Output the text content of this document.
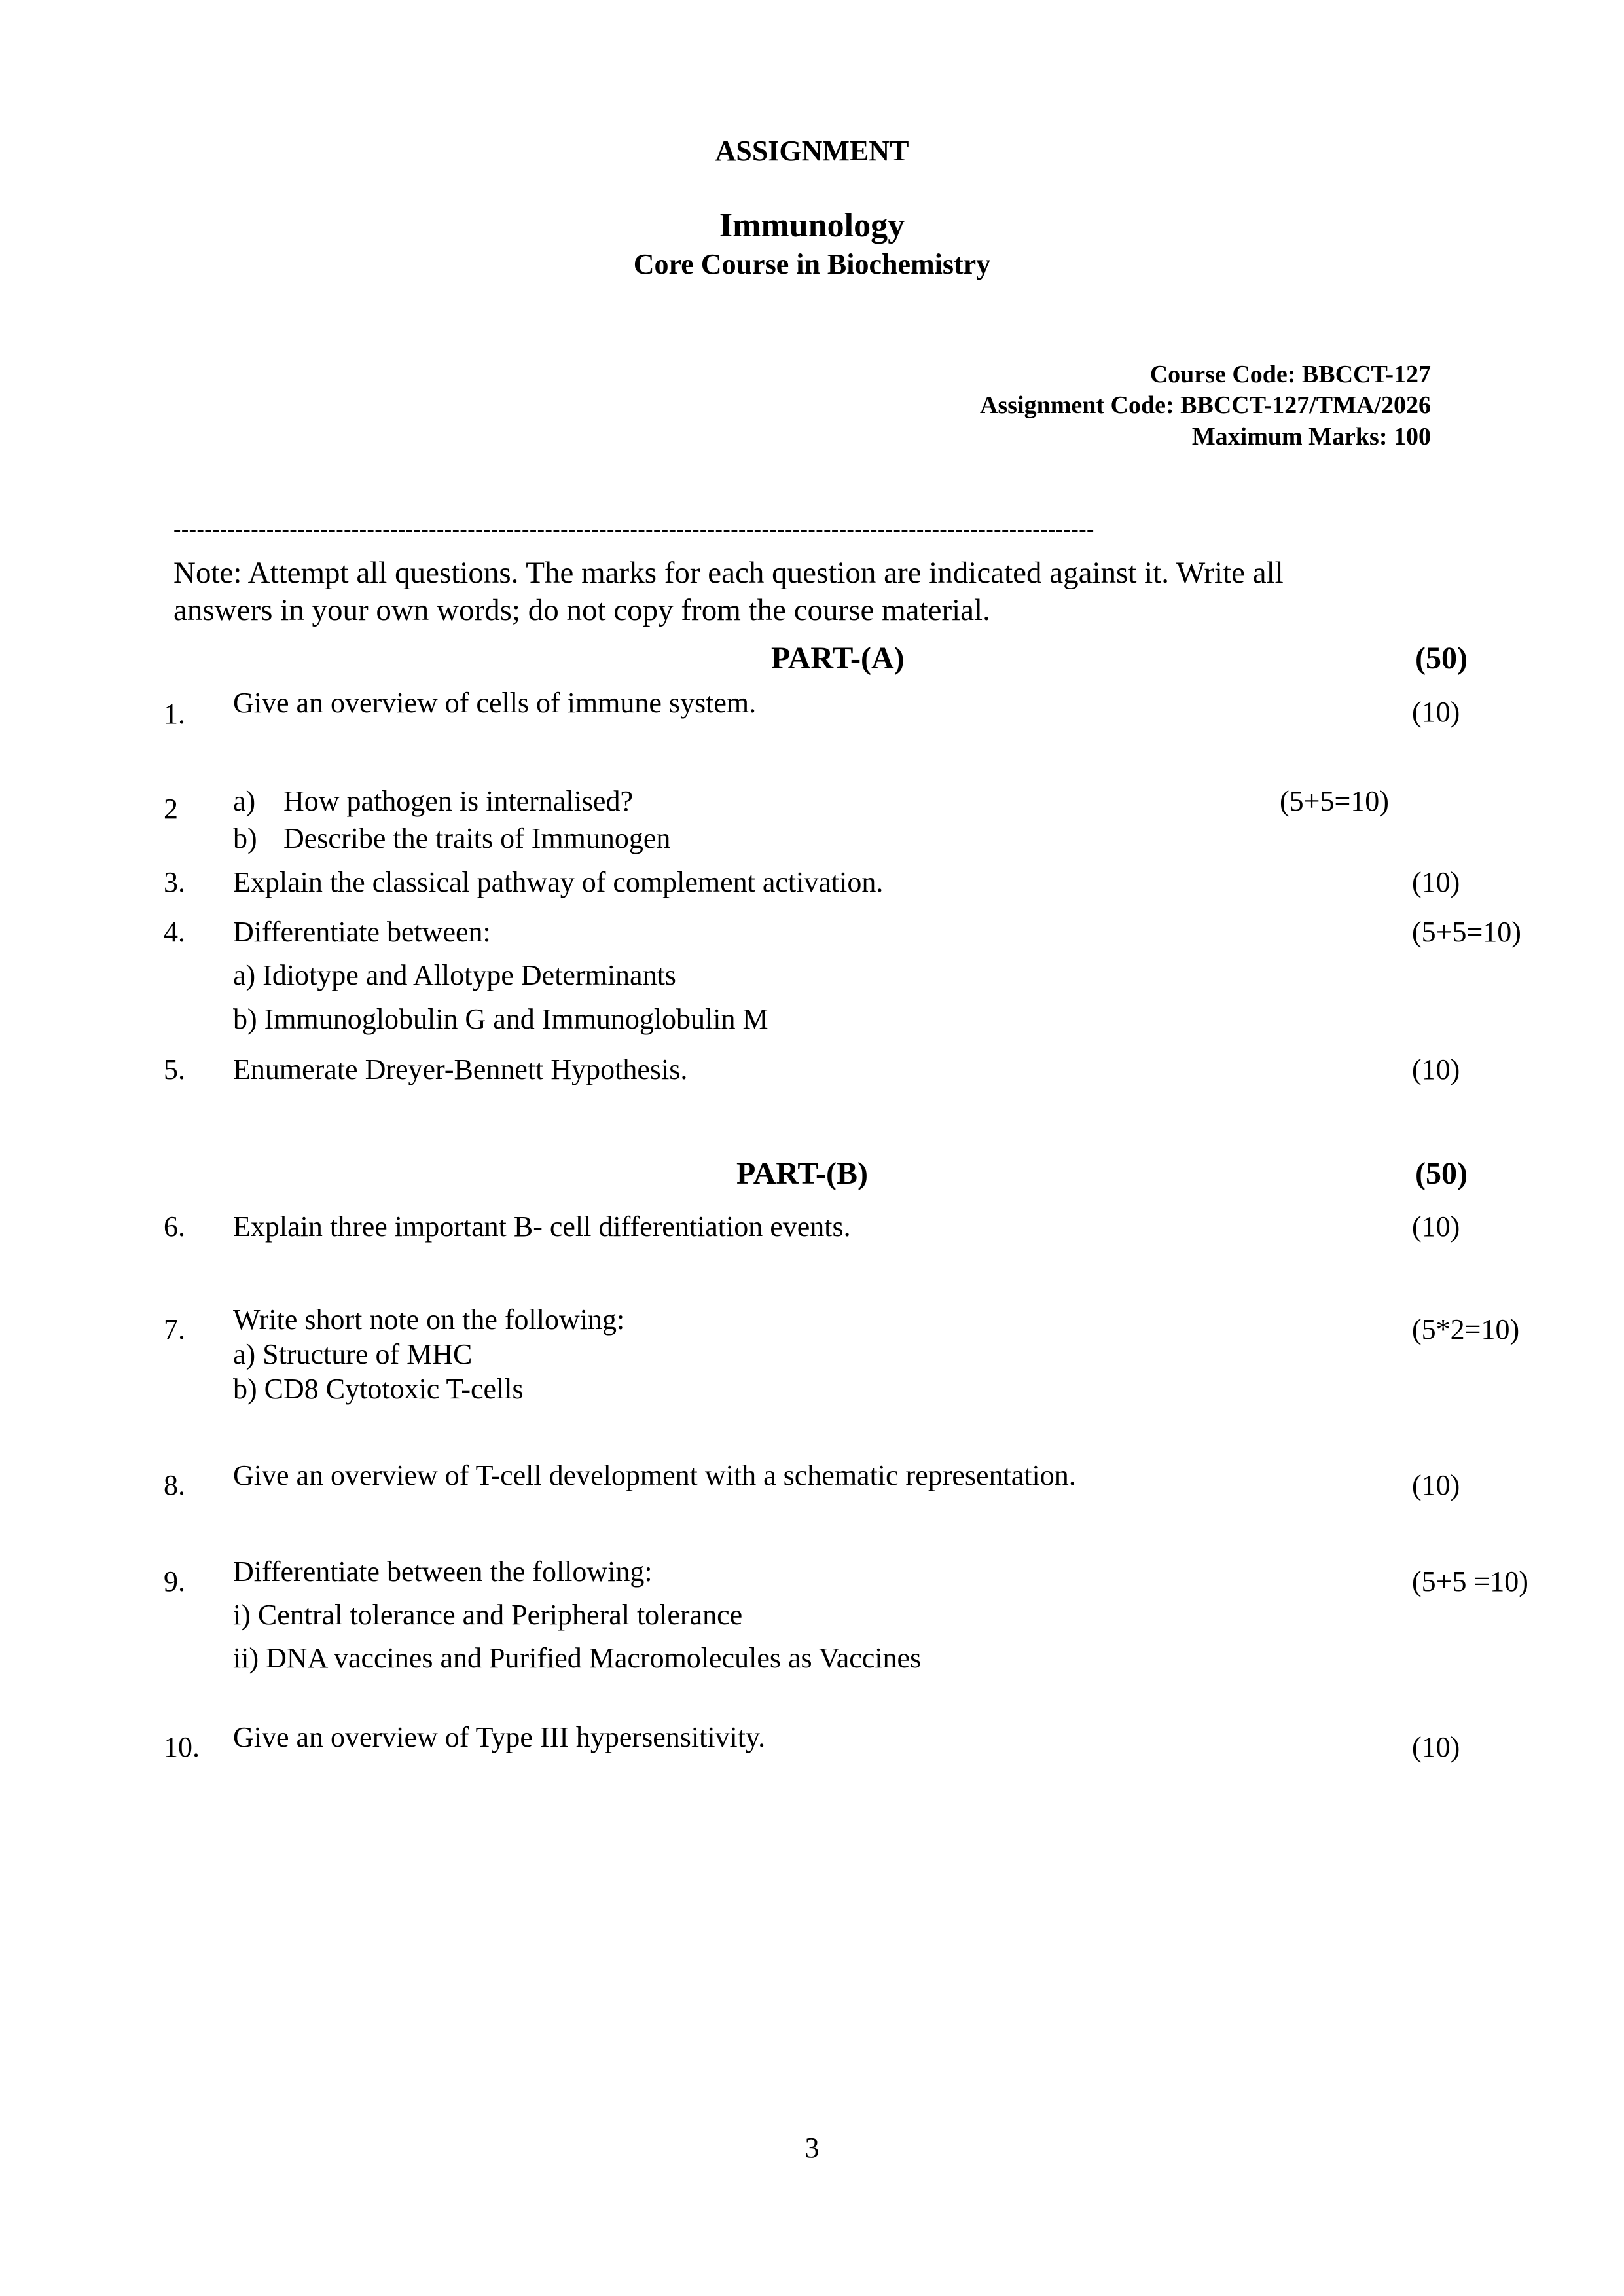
ASSIGNMENT
Immunology
Core Course in Biochemistry
Course Code: BBCCT-127
Assignment Code: BBCCT-127/TMA/2026
Maximum Marks: 100
-----------------------------------------------------------------------------------------------------------------------
Note: Attempt all questions. The marks for each question are indicated against it. Write all
answers in your own words; do not copy from the course material.
PART-(A)	(50)
1. Give an overview of cells of immune system.	(10)
2 a) How pathogen is internalised?	(5+5=10)
b) Describe the traits of Immunogen
3. Explain the classical pathway of complement activation.	(10)
4. Differentiate between:	(5+5=10)
a) Idiotype and Allotype Determinants
b) Immunoglobulin G and Immunoglobulin M
5. Enumerate Dreyer-Bennett Hypothesis.	(10)
PART-(B)	(50)
6. Explain three important B- cell differentiation events.	(10)
7. Write short note on the following:	(5*2=10)
a) Structure of MHC
b) CD8 Cytotoxic T-cells
8. Give an overview of T-cell development with a schematic representation.	(10)
9. Differentiate between the following:	(5+5 =10)
i) Central tolerance and Peripheral tolerance
ii) DNA vaccines and Purified Macromolecules as Vaccines
10. Give an overview of Type III hypersensitivity.	(10)
3
